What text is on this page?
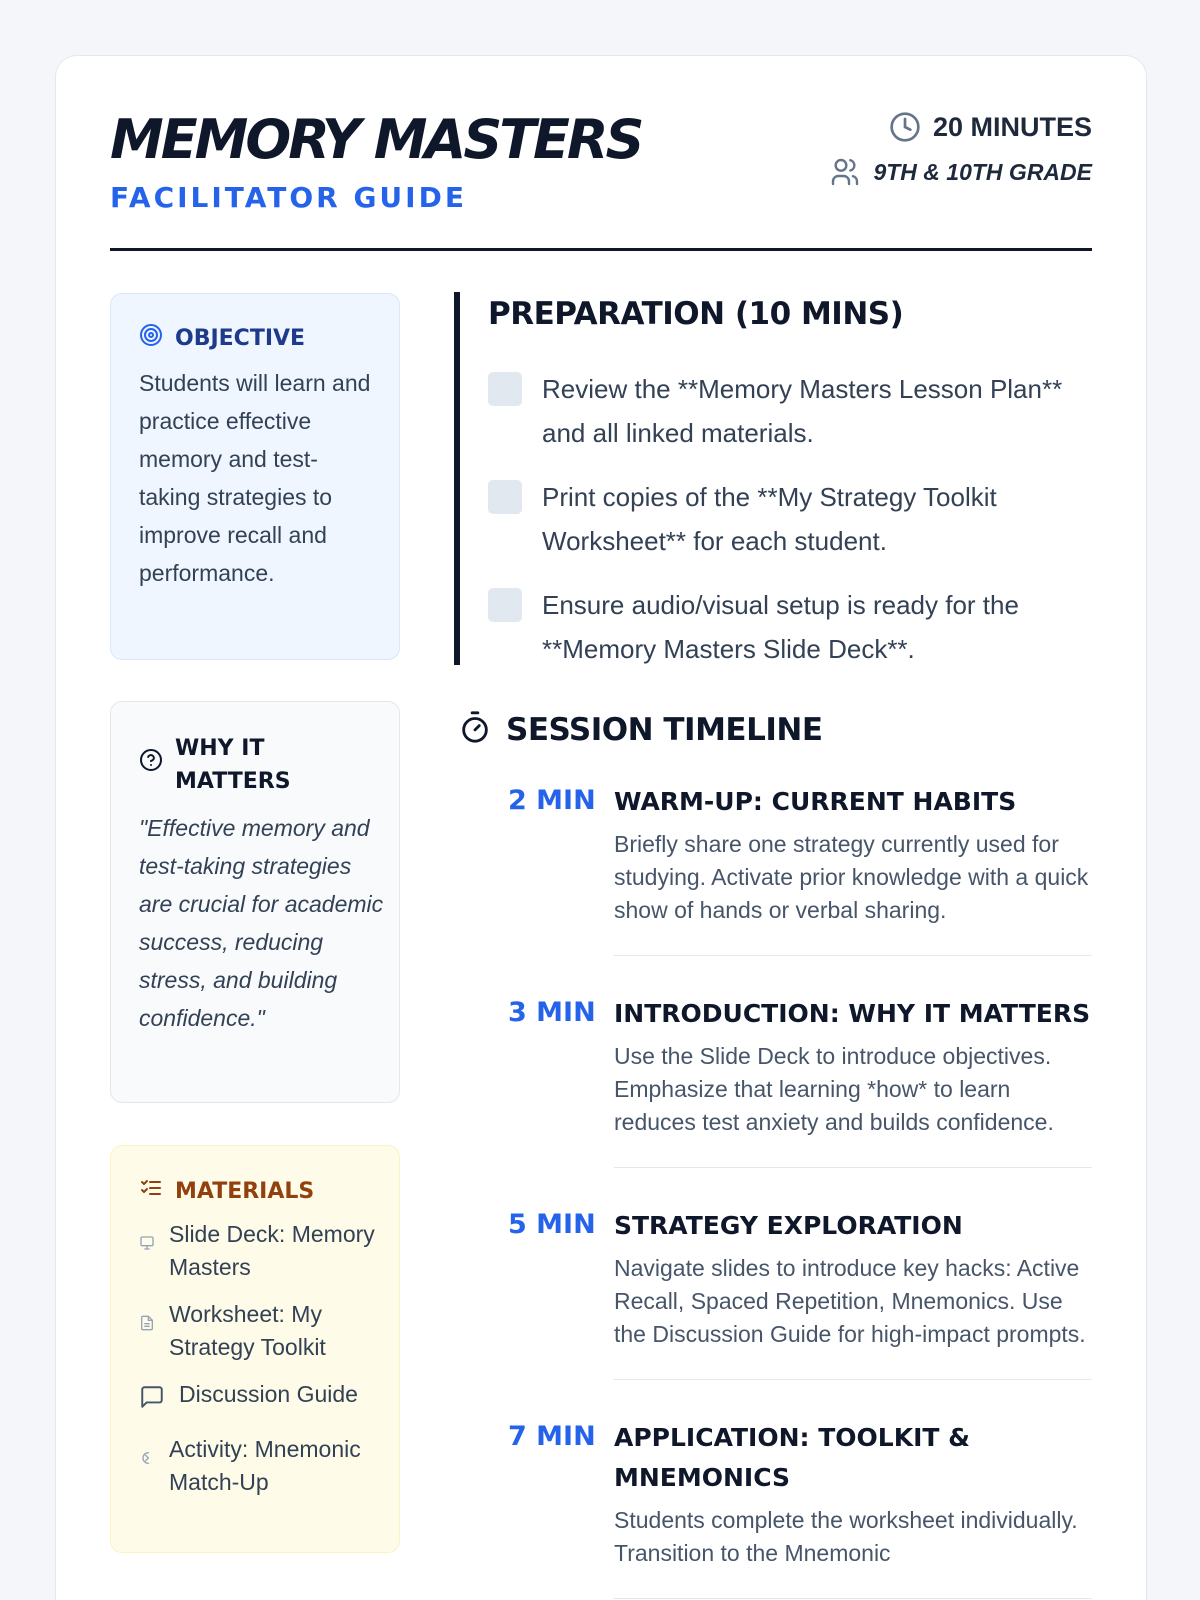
MEMORY MASTERS
FACILITATOR GUIDE
20 MINUTES
9TH & 10TH GRADE
OBJECTIVE
Students will learn and practice effective memory and test-taking strategies to improve recall and performance.
WHY IT MATTERS
"Effective memory and test-taking strategies are crucial for academic success, reducing stress, and building confidence."
MATERIALS
Slide Deck: Memory Masters
Worksheet: My Strategy Toolkit
Discussion Guide
Activity: Mnemonic Match-Up
PREPARATION (10 MINS)
Review the **Memory Masters Lesson Plan** and all linked materials.
Print copies of the **My Strategy Toolkit Worksheet** for each student.
Ensure audio/visual setup is ready for the **Memory Masters Slide Deck**.
SESSION TIMELINE
2 MIN WARM-UP: CURRENT HABITS
Briefly share one strategy currently used for studying. Activate prior knowledge with a quick show of hands or verbal sharing.
3 MIN INTRODUCTION: WHY IT MATTERS
Use the Slide Deck to introduce objectives. Emphasize that learning *how* to learn reduces test anxiety and builds confidence.
5 MIN STRATEGY EXPLORATION
Navigate slides to introduce key hacks: Active Recall, Spaced Repetition, Mnemonics. Use the Discussion Guide for high-impact prompts.
7 MIN APPLICATION: TOOLKIT & MNEMONICS
Students complete the worksheet individually. Transition to the Mnemonic
